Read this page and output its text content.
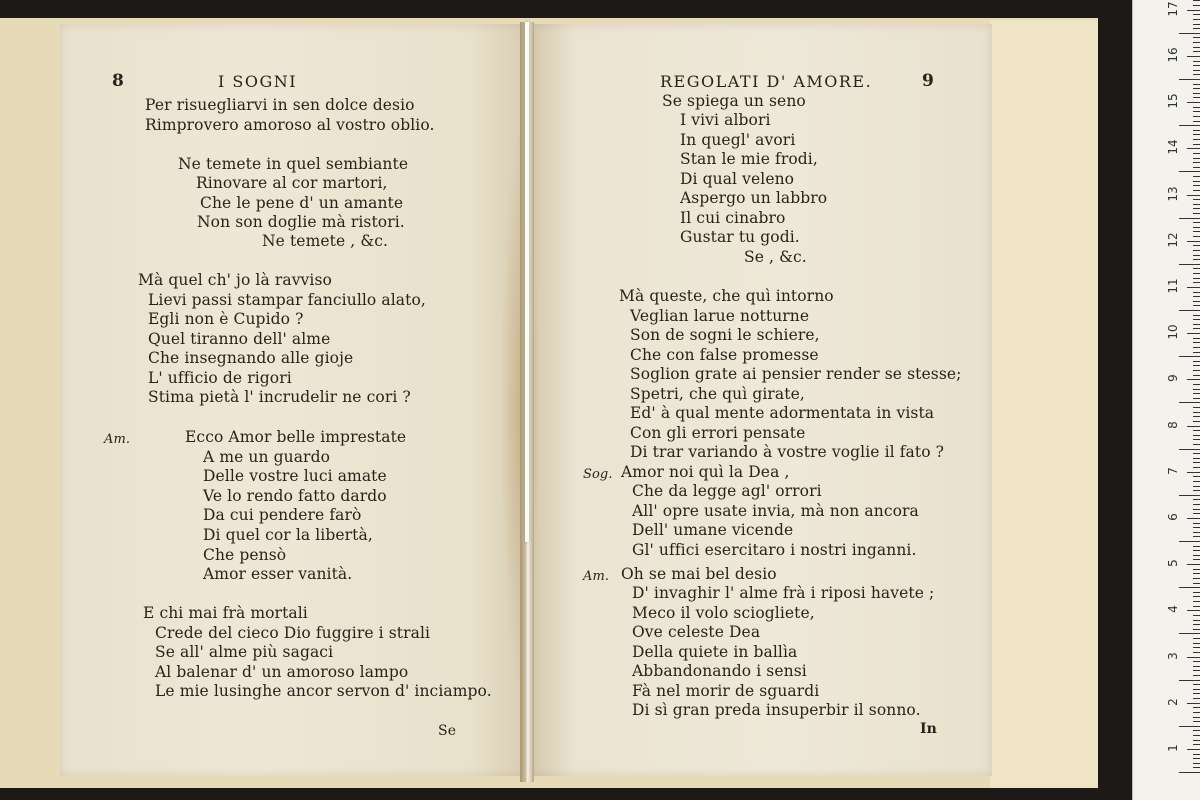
8	I SOGNI
Per risuegliarvi in sen dolce desio
Rimprovero amoroso al vostro oblio.
Ne temete in quel sembiante
Rinovare al cor martori,
Che le pene d' un amante
Non son doglie mà ristori.
Ne temete , &c.
Mà quel ch' jo là ravviso
Lievi passi stampar fanciullo alato,
Egli non è Cupido ?
Quel tiranno dell' alme
Che insegnando alle gioje
L' ufficio de rigori
Stima pietà l' incrudelir ne cori ?
Am.	Ecco Amor belle imprestate
A me un guardo
Delle vostre luci amate
Ve lo rendo fatto dardo
Da cui pendere farò
Di quel cor la libertà,
Che pensò
Amor esser vanità.
E chi mai frà mortali
Crede del cieco Dio fuggire i strali
Se all' alme più sagaci
Al balenar d' un amoroso lampo
Le mie lusinghe ancor servon d' inciampo.
Se
REGOLATI D' AMORE.	9
Se spiega un seno
I vivi albori
In quegl' avori
Stan le mie frodi,
Di qual veleno
Aspergo un labbro
Il cui cinabro
Gustar tu godi.
Se , &c.
Mà queste, che quì intorno
Veglian larue notturne
Son de sogni le schiere,
Che con false promesse
Soglion grate ai pensier render se stesse;
Spetri, che quì girate,
Ed' à qual mente adormentata in vista
Con gli errori pensate
Di trar variando à vostre voglie il fato ?
Sog. Amor noi quì la Dea ,
Che da legge agl' orrori
All' opre usate invia, mà non ancora
Dell' umane vicende
Gl' uffici esercitaro i nostri inganni.
Am. Oh se mai bel desio
D' invaghir l' alme frà i riposi havete ;
Meco il volo sciogliete,
Ove celeste Dea
Della quiete in ballìa
Abbandonando i sensi
Fà nel morir de sguardi
Di sì gran preda insuperbir il sonno.
In
17
16
15
14
13
12
11
10
9
8
7
6
5
4
3
2
1
